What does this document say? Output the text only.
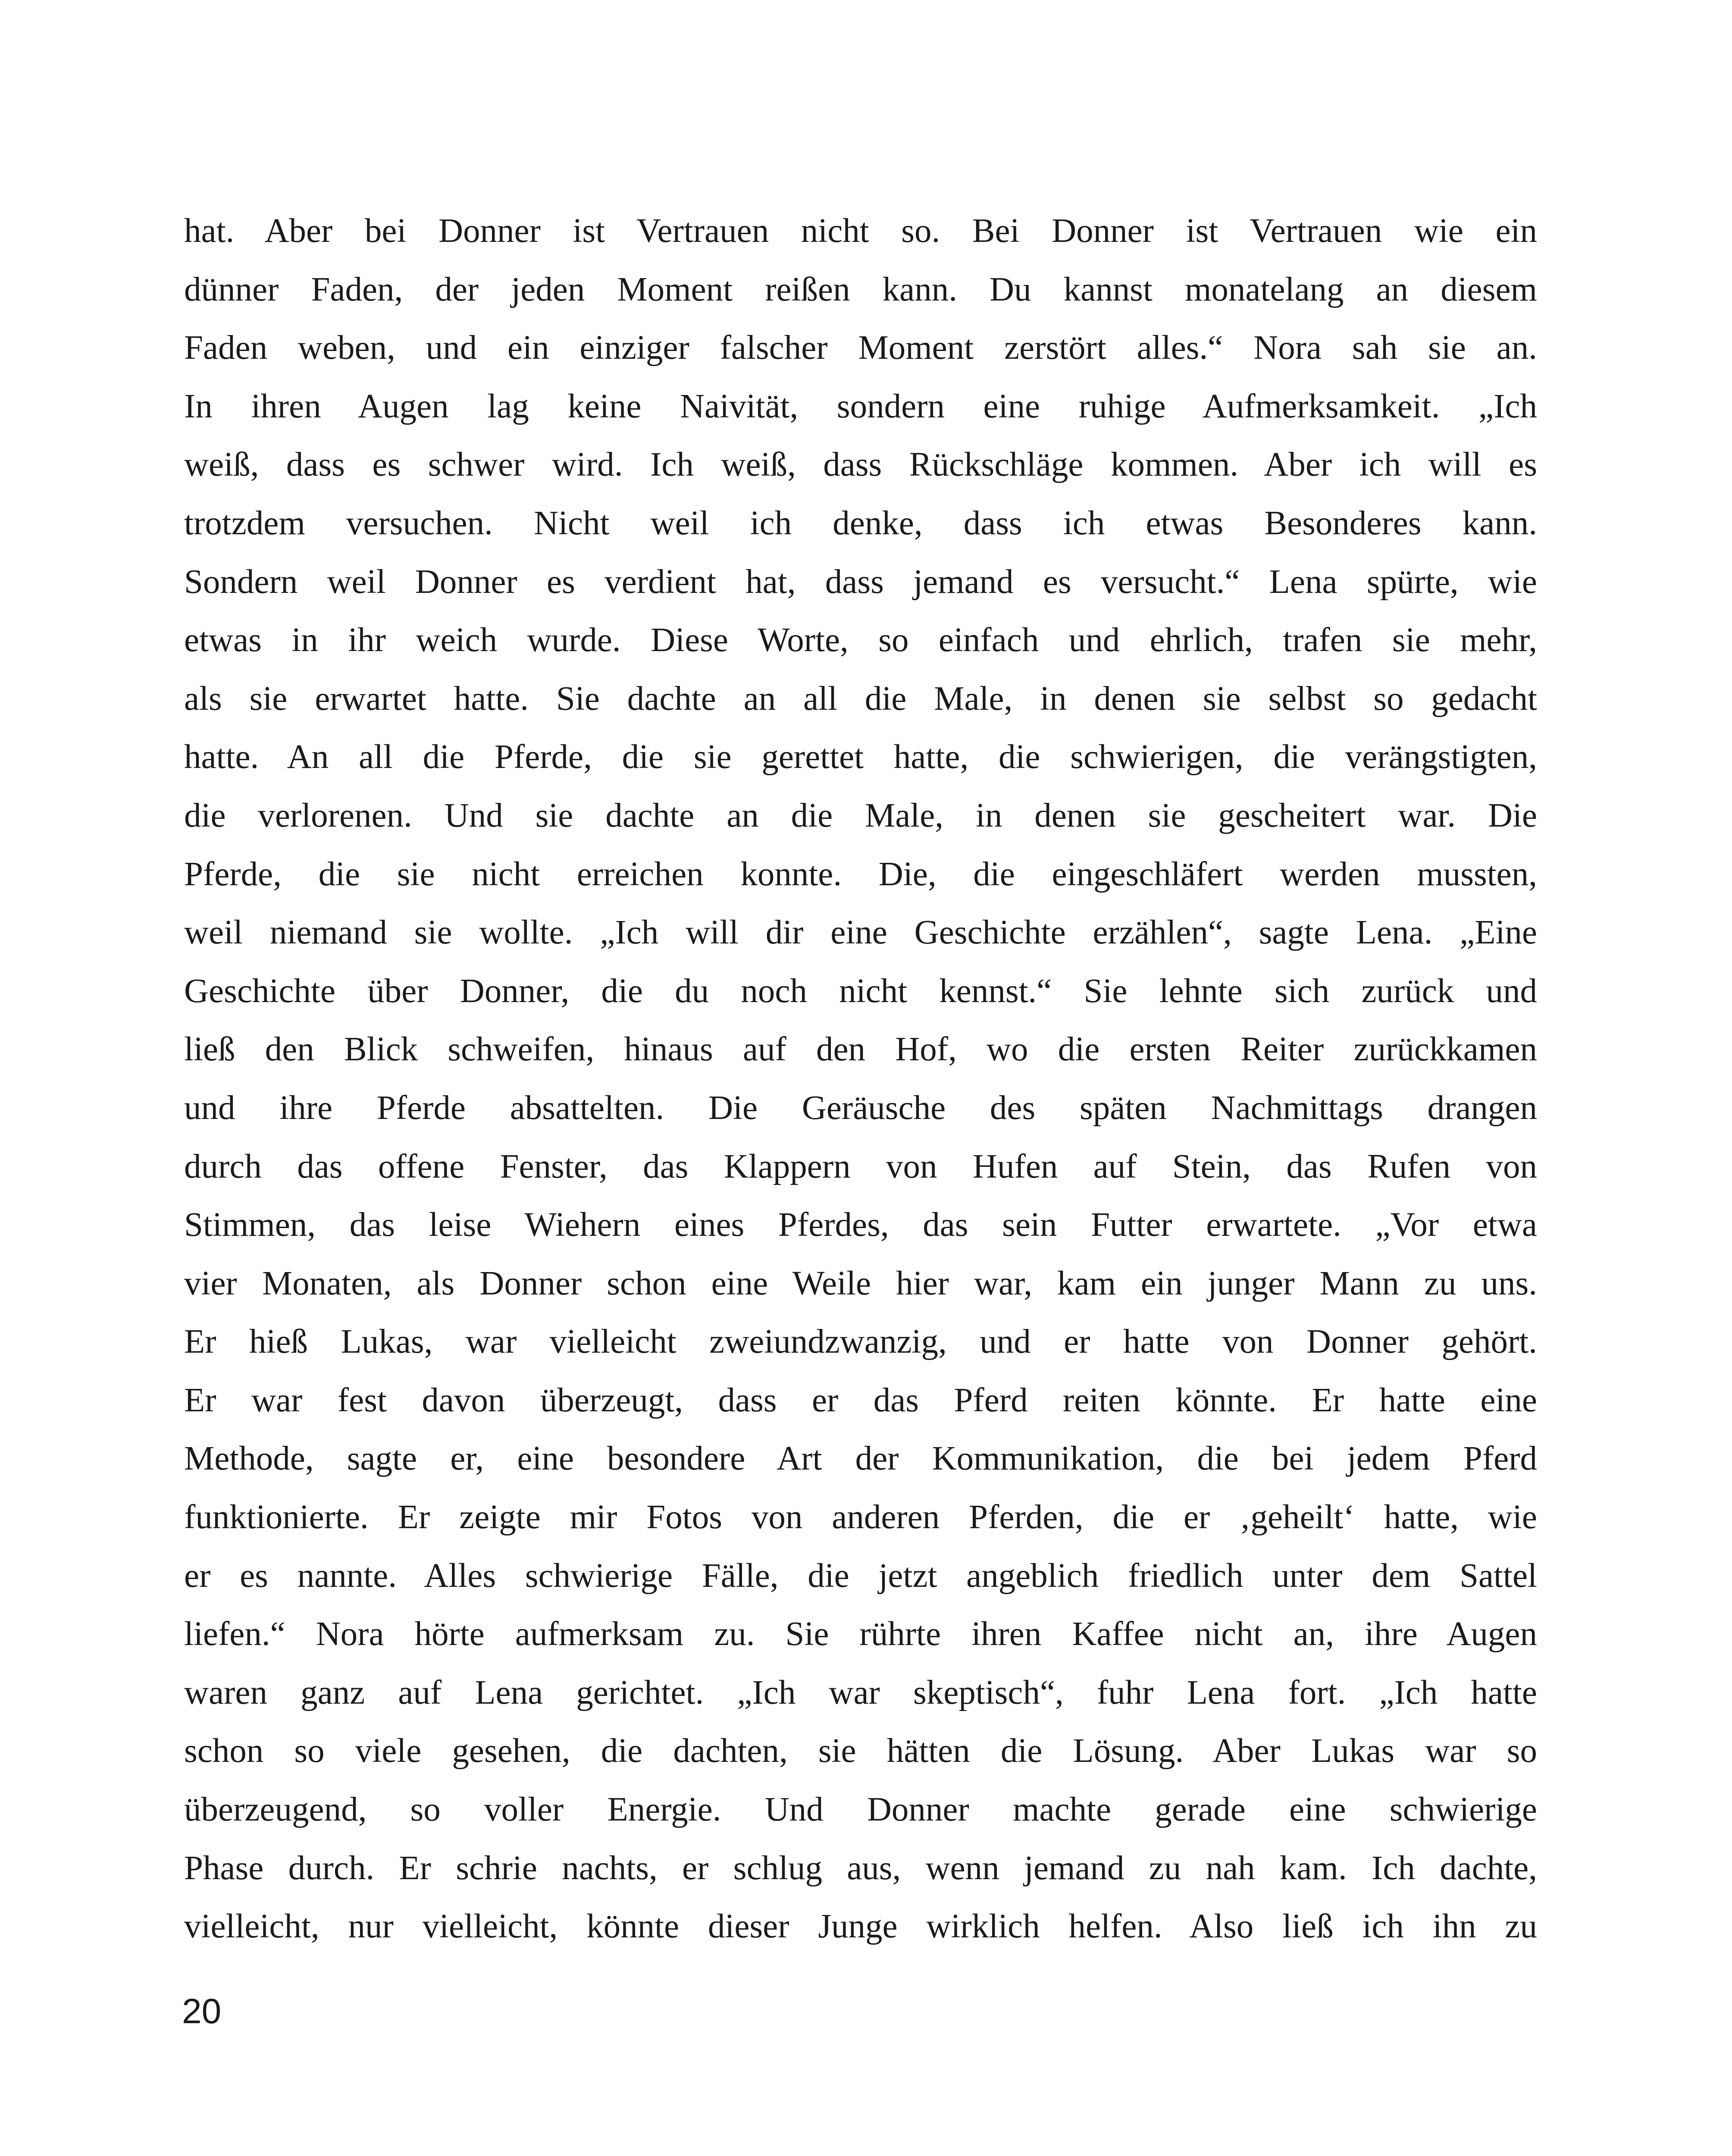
hat. Aber bei Donner ist Vertrauen nicht so. Bei Donner ist Vertrauen wie ein
dünner Faden, der jeden Moment reißen kann. Du kannst monatelang an diesem
Faden weben, und ein einziger falscher Moment zerstört alles.“ Nora sah sie an.
In ihren Augen lag keine Naivität, sondern eine ruhige Aufmerksamkeit. „Ich
weiß, dass es schwer wird. Ich weiß, dass Rückschläge kommen. Aber ich will es
trotzdem versuchen. Nicht weil ich denke, dass ich etwas Besonderes kann.
Sondern weil Donner es verdient hat, dass jemand es versucht.“ Lena spürte, wie
etwas in ihr weich wurde. Diese Worte, so einfach und ehrlich, trafen sie mehr,
als sie erwartet hatte. Sie dachte an all die Male, in denen sie selbst so gedacht
hatte. An all die Pferde, die sie gerettet hatte, die schwierigen, die verängstigten,
die verlorenen. Und sie dachte an die Male, in denen sie gescheitert war. Die
Pferde, die sie nicht erreichen konnte. Die, die eingeschläfert werden mussten,
weil niemand sie wollte. „Ich will dir eine Geschichte erzählen“, sagte Lena. „Eine
Geschichte über Donner, die du noch nicht kennst.“ Sie lehnte sich zurück und
ließ den Blick schweifen, hinaus auf den Hof, wo die ersten Reiter zurückkamen
und ihre Pferde absattelten. Die Geräusche des späten Nachmittags drangen
durch das offene Fenster, das Klappern von Hufen auf Stein, das Rufen von
Stimmen, das leise Wiehern eines Pferdes, das sein Futter erwartete. „Vor etwa
vier Monaten, als Donner schon eine Weile hier war, kam ein junger Mann zu uns.
Er hieß Lukas, war vielleicht zweiundzwanzig, und er hatte von Donner gehört.
Er war fest davon überzeugt, dass er das Pferd reiten könnte. Er hatte eine
Methode, sagte er, eine besondere Art der Kommunikation, die bei jedem Pferd
funktionierte. Er zeigte mir Fotos von anderen Pferden, die er ‚geheilt‘ hatte, wie
er es nannte. Alles schwierige Fälle, die jetzt angeblich friedlich unter dem Sattel
liefen.“ Nora hörte aufmerksam zu. Sie rührte ihren Kaffee nicht an, ihre Augen
waren ganz auf Lena gerichtet. „Ich war skeptisch“, fuhr Lena fort. „Ich hatte
schon so viele gesehen, die dachten, sie hätten die Lösung. Aber Lukas war so
überzeugend, so voller Energie. Und Donner machte gerade eine schwierige
Phase durch. Er schrie nachts, er schlug aus, wenn jemand zu nah kam. Ich dachte,
vielleicht, nur vielleicht, könnte dieser Junge wirklich helfen. Also ließ ich ihn zu
20
